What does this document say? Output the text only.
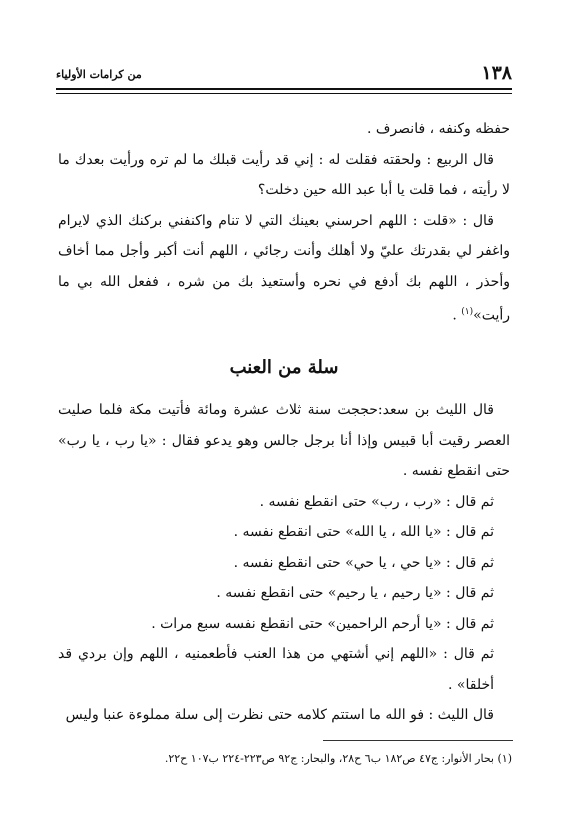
١٣٨
من كرامات الأولياء

حفظه وكنفه ، فانصرف .

قال الربيع : ولحقته فقلت له : إني قد رأيت قبلك ما لم تره ورأيت بعدك ما لا رأيته ، فما قلت يا أبا عبد الله حين دخلت؟

قال : «قلت : اللهم احرسني بعينك التي لا تنام واكنفني بركنك الذي لايرام واغفر لي بقدرتك عليّ ولا أهلك وأنت رجائي ، اللهم أنت أكبر وأجل مما أخاف وأحذر ، اللهم بك أدفع في نحره وأستعيذ بك من شره ، ففعل الله بي ما رأيت»$^{(١)}$ .

سلة من العنب

قال الليث بن سعد:حججت سنة ثلاث عشرة ومائة فأتيت مكة فلما صليت العصر رقيت أبا قبيس وإذا أنا برجل جالس وهو يدعو فقال : «يا رب ، يا رب» حتى انقطع نفسه .

ثم قال : «رب ، رب» حتى انقطع نفسه .

ثم قال : «يا الله ، يا الله» حتى انقطع نفسه .

ثم قال : «يا حي ، يا حي» حتى انقطع نفسه .

ثم قال : «يا رحيم ، يا رحيم» حتى انقطع نفسه .

ثم قال : «يا أرحم الراحمين» حتى انقطع نفسه سبع مرات .

ثم قال : «اللهم إني أشتهي من هذا العنب فأطعمنيه ، اللهم وإن بردي قد أخلقا» .

قال الليث : فو الله ما استتم كلامه حتى نظرت إلى سلة مملوءة عنبا وليس

(١) بحار الأنوار: ج٤٧ ص١٨٢ ب٦ ح٢٨، والبحار: ج٩٢ ص٢٢٣-٢٢٤ ب١٠٧ ح٢٢.
